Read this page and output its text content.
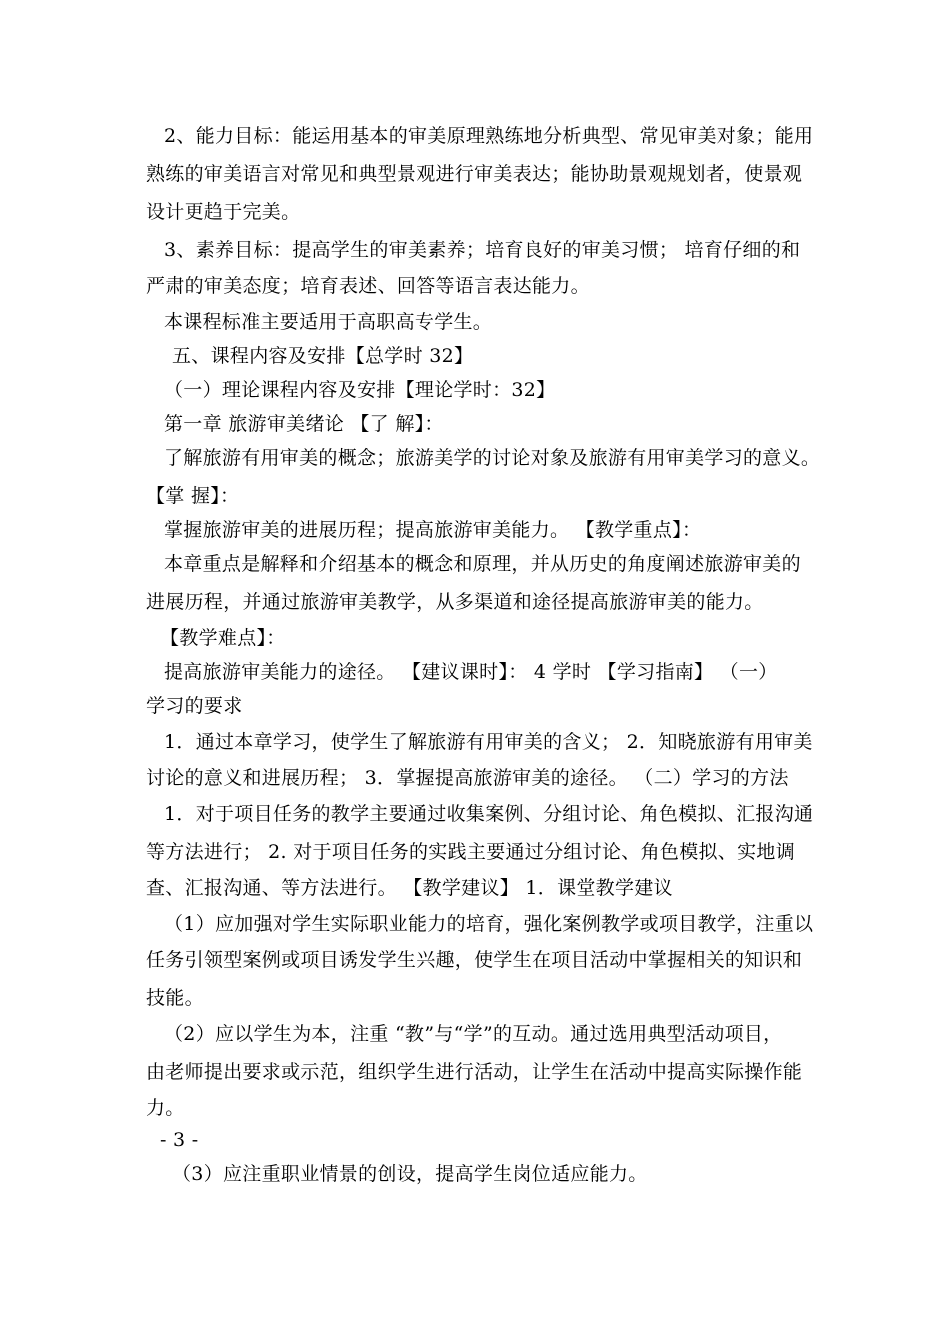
2、能力目标：能运用基本的审美原理熟练地分析典型、常见审美对象；能用
熟练的审美语言对常见和典型景观进行审美表达；能协助景观规划者，使景观
设计更趋于完美。
3、素养目标：提高学生的审美素养；培育良好的审美习惯； 培育仔细的和
严肃的审美态度；培育表述、回答等语言表达能力。
本课程标准主要适用于高职高专学生。
五、课程内容及安排【总学时 32】
（一）理论课程内容及安排【理论学时：32】
第一章 旅游审美绪论 【了 解】：
了解旅游有用审美的概念；旅游美学的讨论对象及旅游有用审美学习的意义。
【掌 握】：
掌握旅游审美的进展历程；提高旅游审美能力。 【教学重点】：
本章重点是解释和介绍基本的概念和原理，并从历史的角度阐述旅游审美的
进展历程，并通过旅游审美教学，从多渠道和途径提高旅游审美的能力。
【教学难点】：
提高旅游审美能力的途径。 【建议课时】： 4 学时 【学习指南】 （一）
学习的要求
1．通过本章学习，使学生了解旅游有用审美的含义； 2．知晓旅游有用审美
讨论的意义和进展历程； 3．掌握提高旅游审美的途径。 （二）学习的方法
1．对于项目任务的教学主要通过收集案例、分组讨论、角色模拟、汇报沟通
等方法进行； 2. 对于项目任务的实践主要通过分组讨论、角色模拟、实地调
查、汇报沟通、等方法进行。 【教学建议】 1．课堂教学建议
（1）应加强对学生实际职业能力的培育，强化案例教学或项目教学，注重以
任务引领型案例或项目诱发学生兴趣，使学生在项目活动中掌握相关的知识和
技能。
（2）应以学生为本，注重 “教”与“学”的互动。通过选用典型活动项目，
由老师提出要求或示范，组织学生进行活动，让学生在活动中提高实际操作能
力。
- 3 -
（3）应注重职业情景的创设，提高学生岗位适应能力。
